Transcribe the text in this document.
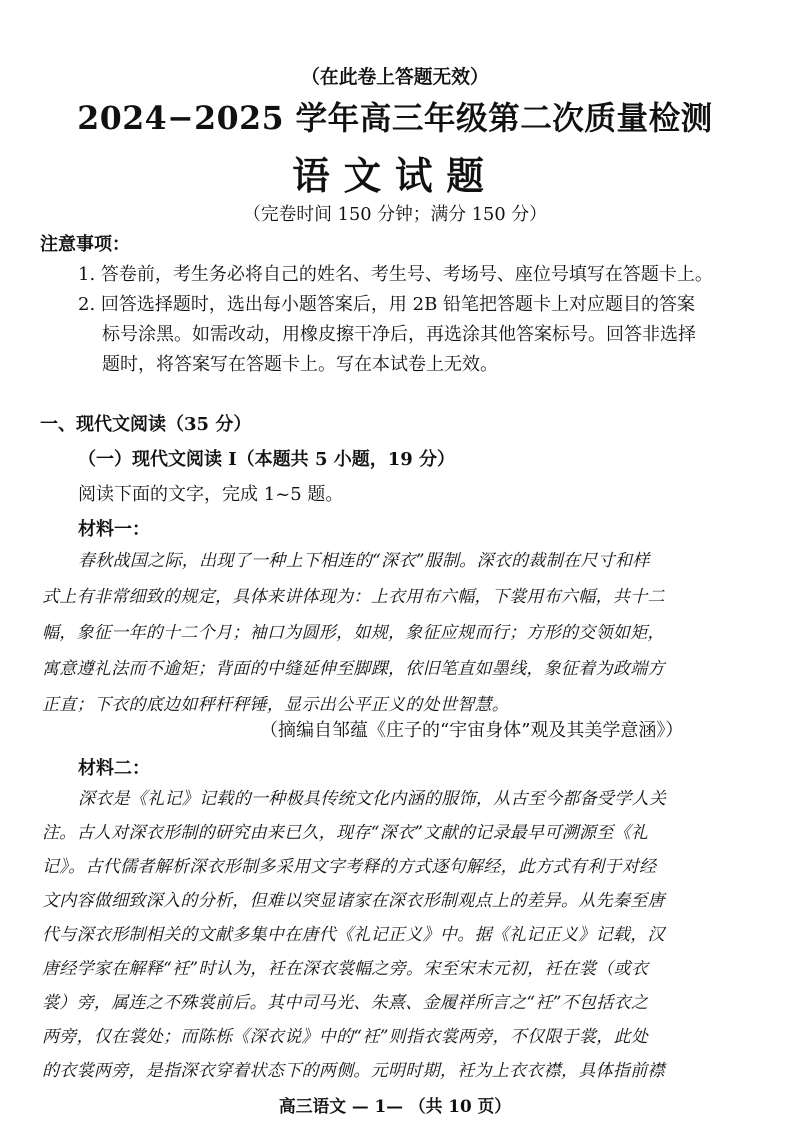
（在此卷上答题无效）
2024−2025 学年高三年级第二次质量检测
语文试题
（完卷时间 150 分钟；满分 150 分）
注意事项：
1. 答卷前，考生务必将自己的姓名、考生号、考场号、座位号填写在答题卡上。
2. 回答选择题时，选出每小题答案后，用 2B 铅笔把答题卡上对应题目的答案
标号涂黑。如需改动，用橡皮擦干净后，再选涂其他答案标号。回答非选择
题时，将答案写在答题卡上。写在本试卷上无效。
一、现代文阅读（35 分）
（一）现代文阅读 I（本题共 5 小题，19 分）
阅读下面的文字，完成 1~5 题。
材料一：
春秋战国之际，出现了一种上下相连的“深衣”服制。深衣的裁制在尺寸和样
式上有非常细致的规定，具体来讲体现为：上衣用布六幅，下裳用布六幅，共十二
幅，象征一年的十二个月；袖口为圆形，如规，象征应规而行；方形的交领如矩，
寓意遵礼法而不逾矩；背面的中缝延伸至脚踝，依旧笔直如墨线，象征着为政端方
正直；下衣的底边如秤杆秤锤，显示出公平正义的处世智慧。
（摘编自邹蕴《庄子的“宇宙身体”观及其美学意涵》）
材料二：
深衣是《礼记》记载的一种极具传统文化内涵的服饰，从古至今都备受学人关
注。古人对深衣形制的研究由来已久，现存“深衣”文献的记录最早可溯源至《礼
记》。古代儒者解析深衣形制多采用文字考释的方式逐句解经，此方式有利于对经
文内容做细致深入的分析，但难以突显诸家在深衣形制观点上的差异。从先秦至唐
代与深衣形制相关的文献多集中在唐代《礼记正义》中。据《礼记正义》记载，汉
唐经学家在解释“衽”时认为，衽在深衣裳幅之旁。宋至宋末元初，衽在裳（或衣
裳）旁，属连之不殊裳前后。其中司马光、朱熹、金履祥所言之“衽”不包括衣之
两旁，仅在裳处；而陈栎《深衣说》中的“衽”则指衣裳两旁，不仅限于裳，此处
的衣裳两旁，是指深衣穿着状态下的两侧。元明时期，衽为上衣衣襟，具体指前襟
高三语文 — 1— （共 10 页）
